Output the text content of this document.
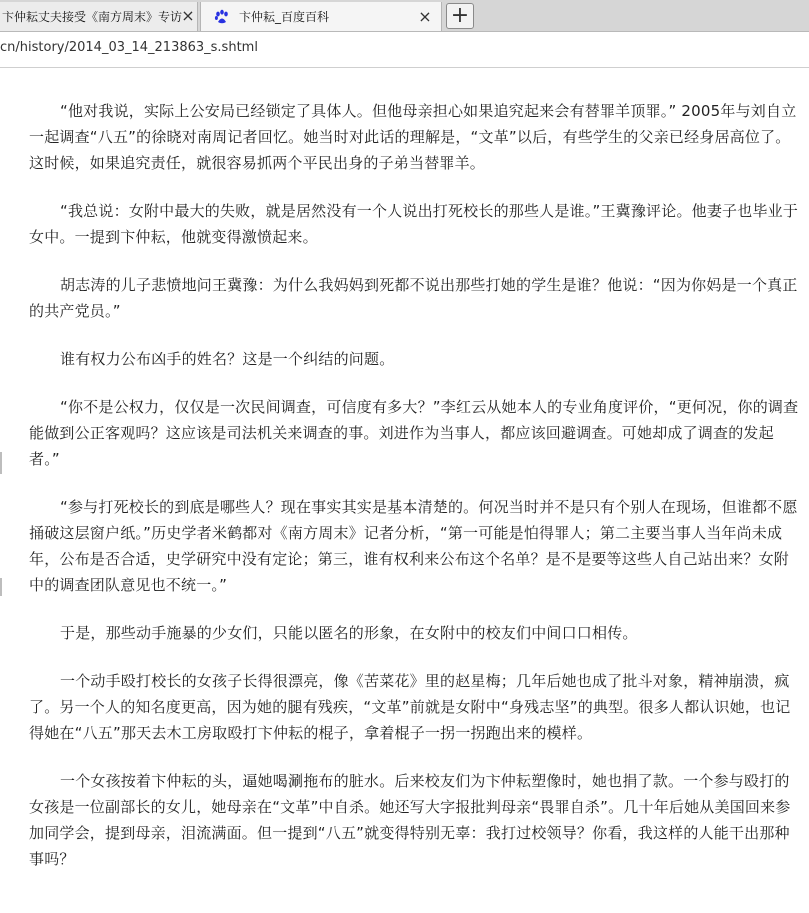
卞仲耘丈夫接受《南方周末》专访	卞仲耘_百度百科	×
×	+
cn/history/2014_03_14_213863_s.shtml

“他对我说，实际上公安局已经锁定了具体人。但他母亲担心如果追究起来会有替罪羊顶罪。” 2005年与刘自立一起调查“八五”的徐晓对南周记者回忆。她当时对此话的理解是，“文革”以后，有些学生的父亲已经身居高位了。这时候，如果追究责任，就很容易抓两个平民出身的子弟当替罪羊。

“我总说：女附中最大的失败，就是居然没有一个人说出打死校长的那些人是谁。”王冀豫评论。他妻子也毕业于女中。一提到卞仲耘，他就变得激愤起来。

胡志涛的儿子悲愤地问王冀豫：为什么我妈妈到死都不说出那些打她的学生是谁？他说：“因为你妈是一个真正的共产党员。”

谁有权力公布凶手的姓名？这是一个纠结的问题。

“你不是公权力，仅仅是一次民间调查，可信度有多大？”李红云从她本人的专业角度评价，“更何况，你的调查能做到公正客观吗？这应该是司法机关来调查的事。刘进作为当事人，都应该回避调查。可她却成了调查的发起者。”

“参与打死校长的到底是哪些人？现在事实其实是基本清楚的。何况当时并不是只有个别人在现场，但谁都不愿捅破这层窗户纸。”历史学者米鹤都对《南方周末》记者分析，“第一可能是怕得罪人；第二主要当事人当年尚未成年，公布是否合适，史学研究中没有定论；第三，谁有权利来公布这个名单？是不是要等这些人自己站出来？女附中的调查团队意见也不统一。”

于是，那些动手施暴的少女们，只能以匿名的形象，在女附中的校友们中间口口相传。

一个动手殴打校长的女孩子长得很漂亮，像《苦菜花》里的赵星梅；几年后她也成了批斗对象，精神崩溃，疯了。另一个人的知名度更高，因为她的腿有残疾，“文革”前就是女附中“身残志坚”的典型。很多人都认识她，也记得她在“八五”那天去木工房取殴打卞仲耘的棍子，拿着棍子一拐一拐跑出来的模样。

一个女孩按着卞仲耘的头，逼她喝涮拖布的脏水。后来校友们为卞仲耘塑像时，她也捐了款。一个参与殴打的女孩是一位副部长的女儿，她母亲在“文革”中自杀。她还写大字报批判母亲“畏罪自杀”。几十年后她从美国回来参加同学会，提到母亲，泪流满面。但一提到“八五”就变得特别无辜：我打过校领导？你看，我这样的人能干出那种事吗？
